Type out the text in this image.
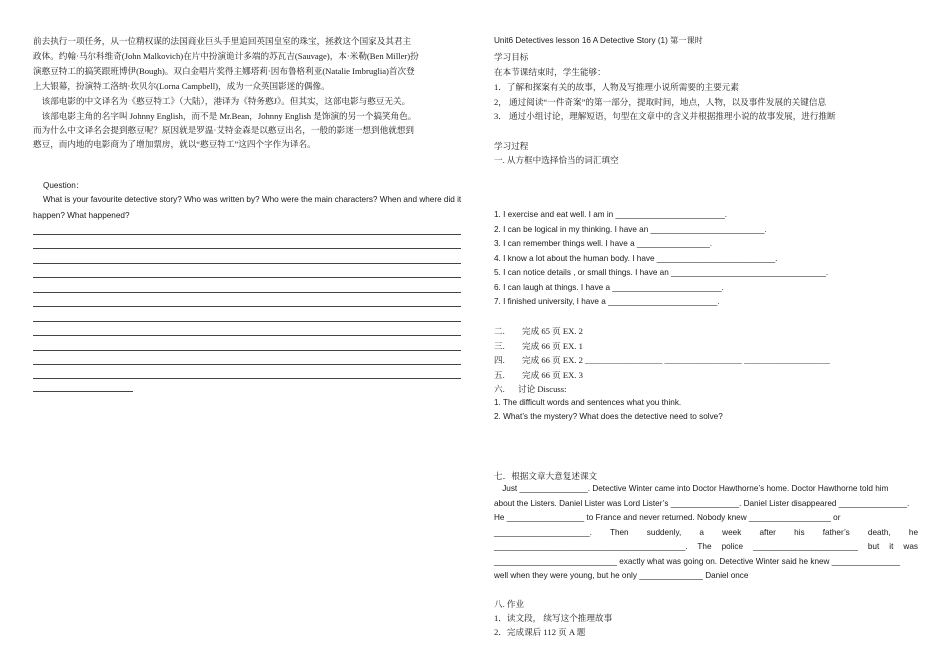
前去执行一项任务，从一位精权谋的法国商业巨头手里追回英国皇室的珠宝，拯救这个国家及其君主
政体。约翰·马尔科维奇(John Malkovich)在片中扮演诡计多端的苏瓦吉(Sauvage)，本·米勒(Ben Miller)扮
演憨豆特工的搞笑跟班博伊(Bough)。双白金唱片奖得主娜塔莉·因布鲁格利亚(Natalie Imbruglia)首次登
上大银幕，扮演特工洛纳·坎贝尔(Lorna Campbell)，成为一众英国影迷的偶像。
　该部电影的中文译名为《憨豆特工》（大陆），港译为《特务憨J》。但其实，这部电影与憨豆无关。
　该部电影主角的名字叫 Johnny English，而不是 Mr.Bean，Johnny English 是饰演的另一个搞笑角色。
而为什么中文译名会提到憨豆呢？原因就是罗温·艾特金森是以憨豆出名，一般的影迷一想到他就想到
憨豆，而内地的电影商为了增加票房，就以“憨豆特工”这四个字作为译名。
Question：

What is your favourite detective story? Who was written by? Who were the main characters? When and where did it happen? What happened?

Unit6 Detectives lesson 16 A Detective Story (1) 第一课时
学习目标
在本节课结束时，学生能够：
1．了解和探案有关的故事，人物及写推理小说所需要的主要元素
2， 通过阅读“一件奇案”的第一部分，提取时间，地点，人物，以及事件发展的关键信息
3． 通过小组讨论，理解短语，句型在文章中的含义并根据推理小说的故事发展，进行推断
学习过程
一. 从方框中选择恰当的词汇填空
1. I exercise and eat well. I am in ________________________.
2. I can be logical in my thinking. I have an _________________________.
3. I can remember things well. I have a ________________.
4. I know a lot about the human body. I have __________________________.
5. I can notice details , or small things. I have an __________________________________.
6. I can laugh at things. I have a ________________________.
7. I finished university, I have a ________________________.
二. 完成 65 页 EX. 2
三. 完成 66 页 EX. 1
四. 完成 66 页 EX. 2 __________________ __________________ ____________________
五. 完成 66 页 EX. 3
六. 讨论 Discuss:
1. The difficult words and sentences what you think.
2. What’s the mystery? What does the detective need to solve?
七．根据文章大意复述课文
　Just _______________. Detective Winter came into Doctor Hawthorne’s home. Doctor Hawthorne told him
about the Listers. Daniel Lister was Lord Lister’s _______________. Daniel Lister disappeared _______________.
He _________________ to France and never returned. Nobody knew __________________ or
_____________________. Then suddenly, a week after his father’s death, he
__________________________________________. The police _______________________ but it was
___________________________ exactly what was going on. Detective Winter said he knew _______________
well when they were young, but he only ______________ Daniel once
八. 作业
1．读文段， 续写这个推理故事
2．完成课后 112 页 A 题
